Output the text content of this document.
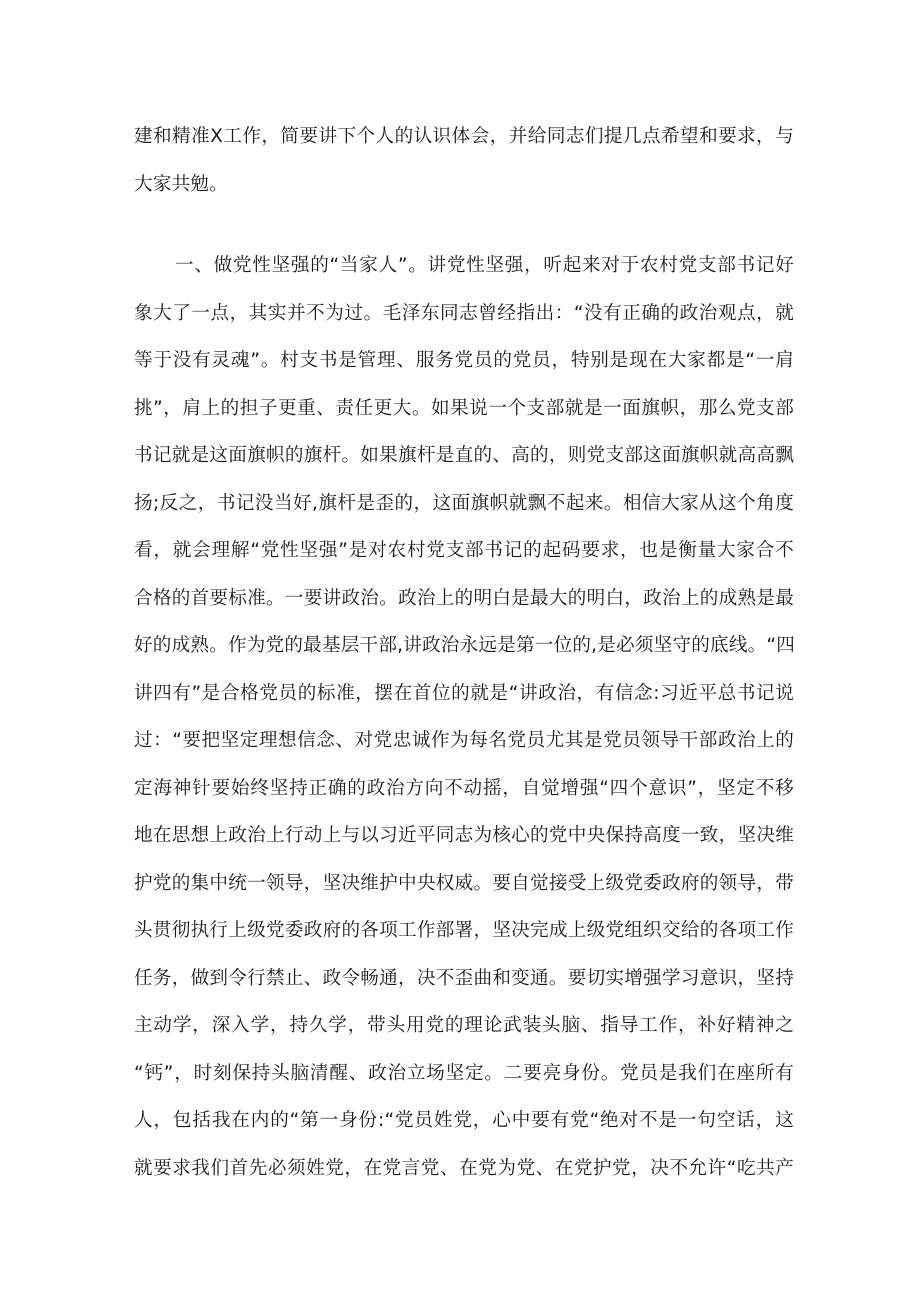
建和精准X工作，简要讲下个人的认识体会，并给同志们提几点希望和要求，与
大家共勉。
一、做党性坚强的“当家人”。讲党性坚强，听起来对于农村党支部书记好
象大了一点，其实并不为过。毛泽东同志曾经指出：“没有正确的政治观点，就
等于没有灵魂”。村支书是管理、服务党员的党员，特别是现在大家都是“一肩
挑”，肩上的担子更重、责任更大。如果说一个支部就是一面旗帜，那么党支部
书记就是这面旗帜的旗杆。如果旗杆是直的、高的，则党支部这面旗帜就高高飘
扬;反之，书记没当好,旗杆是歪的，这面旗帜就飘不起来。相信大家从这个角度
看，就会理解“党性坚强”是对农村党支部书记的起码要求，也是衡量大家合不
合格的首要标准。一要讲政治。政治上的明白是最大的明白，政治上的成熟是最
好的成熟。作为党的最基层干部,讲政治永远是第一位的,是必须坚守的底线。“四
讲四有”是合格党员的标准，摆在首位的就是“讲政治，有信念:习近平总书记说
过：“要把坚定理想信念、对党忠诚作为每名党员尤其是党员领导干部政治上的
定海神针要始终坚持正确的政治方向不动摇，自觉增强“四个意识”，坚定不移
地在思想上政治上行动上与以习近平同志为核心的党中央保持高度一致，坚决维
护党的集中统一领导，坚决维护中央权威。要自觉接受上级党委政府的领导，带
头贯彻执行上级党委政府的各项工作部署，坚决完成上级党组织交给的各项工作
任务，做到令行禁止、政令畅通，决不歪曲和变通。要切实增强学习意识，坚持
主动学，深入学，持久学，带头用党的理论武装头脑、指导工作，补好精神之
“钙”，时刻保持头脑清醒、政治立场坚定。二要亮身份。党员是我们在座所有
人，包括我在内的“第一身份:“党员姓党，心中要有党“绝对不是一句空话，这
就要求我们首先必须姓党，在党言党、在党为党、在党护党，决不允许“吃共产
